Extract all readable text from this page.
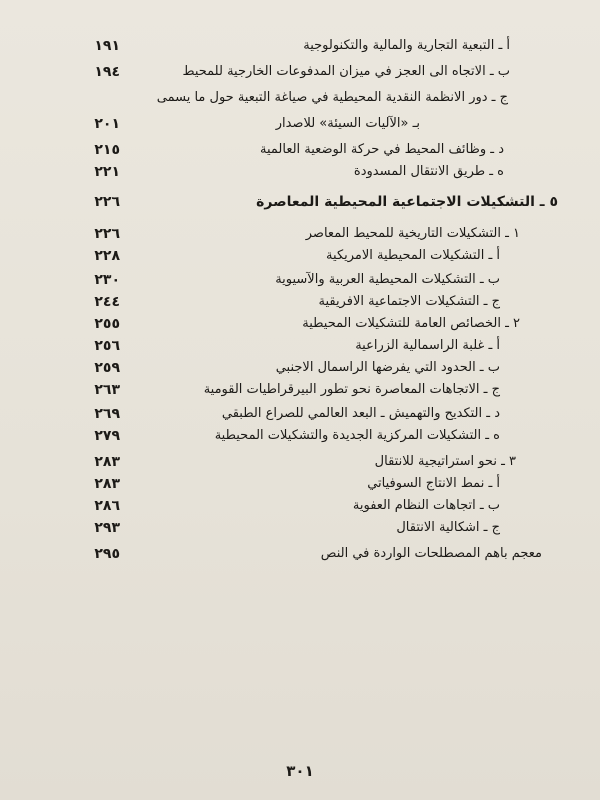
أ ـ التبعية التجارية والمالية والتكنولوجية
١٩١
ب ـ الاتجاه الى العجز في ميزان المدفوعات الخارجية للمحيط
١٩٤
ج ـ دور الانظمة النقدية المحيطية في صياغة التبعية حول ما يسمى
بـ «الآليات السيئة» للاصدار
٢٠١
د ـ وظائف المحيط في حركة الوضعية العالمية
٢١٥
ه ـ طريق الانتقال المسدودة
٢٢١
٥ ـ التشكيلات الاجتماعية المحيطية المعاصرة
٢٢٦
١ ـ التشكيلات التاريخية للمحيط المعاصر
٢٢٦
أ ـ التشكيلات المحيطية الامريكية
٢٢٨
ب ـ التشكيلات المحيطية العربية والآسيوية
٢٣٠
ج ـ التشكيلات الاجتماعية الافريقية
٢٤٤
٢ ـ الخصائص العامة للتشكيلات المحيطية
٢٥٥
أ ـ غلبة الراسمالية الزراعية
٢٥٦
ب ـ الحدود التي يفرضها الراسمال الاجنبي
٢٥٩
ج ـ الاتجاهات المعاصرة نحو تطور البيرقراطيات القومية
٢٦٣
د ـ التكديح والتهميش ـ البعد العالمي للصراع الطبقي
٢٦٩
ه ـ التشكيلات المركزية الجديدة والتشكيلات المحيطية
٢٧٩
٣ ـ نحو استراتيجية للانتقال
٢٨٣
أ ـ نمط الانتاج السوفياتي
٢٨٣
ب ـ اتجاهات النظام العفوية
٢٨٦
ج ـ اشكالية الانتقال
٢٩٣
معجم باهم المصطلحات الواردة في النص
٢٩٥
٣٠١
